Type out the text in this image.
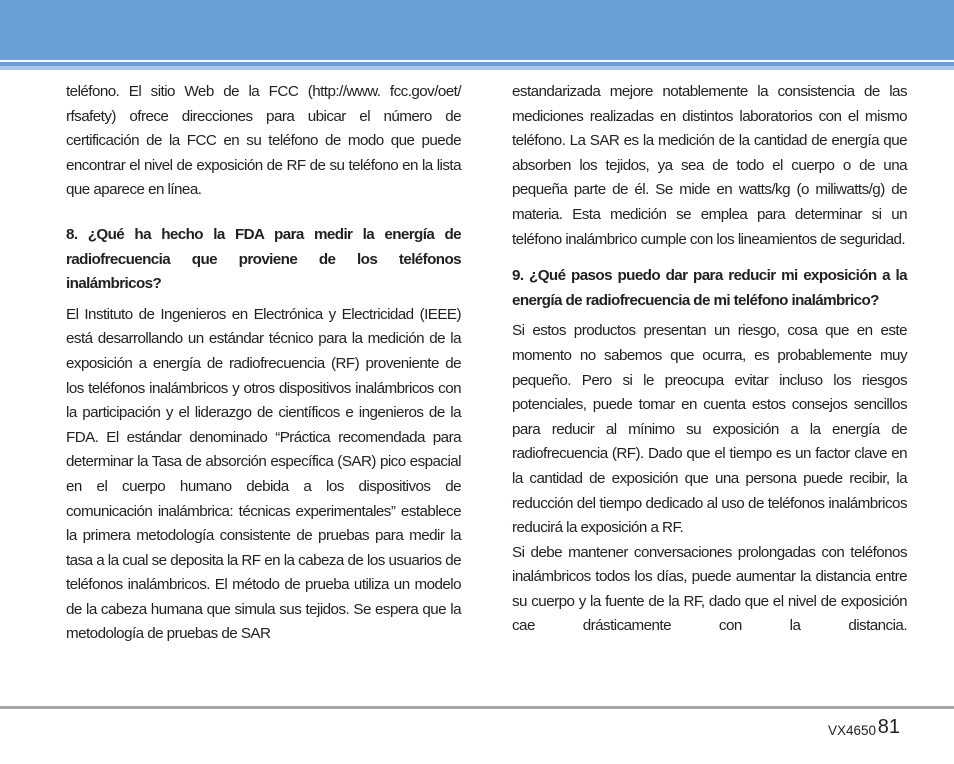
teléfono. El sitio Web de la FCC (http://www. fcc.gov/oet/ rfsafety) ofrece direcciones para ubicar el número de certificación de la FCC en su teléfono de modo que puede encontrar el nivel de exposición de RF de su teléfono en la lista que aparece en línea.

8. ¿Qué ha hecho la FDA para medir la energía de radiofrecuencia que proviene de los teléfonos inalámbricos?

El Instituto de Ingenieros en Electrónica y Electricidad (IEEE) está desarrollando un estándar técnico para la medición de la exposición a energía de radiofrecuencia (RF) proveniente de los teléfonos inalámbricos y otros dispositivos inalámbricos con la participación y el liderazgo de científicos e ingenieros de la FDA. El estándar denominado “Práctica recomendada para determinar la Tasa de absorción específica (SAR) pico espacial en el cuerpo humano debida a los dispositivos de comunicación inalámbrica: técnicas experimentales” establece la primera metodología consistente de pruebas para medir la tasa a la cual se deposita la RF en la cabeza de los usuarios de teléfonos inalámbricos. El método de prueba utiliza un modelo de la cabeza humana que simula sus tejidos. Se espera que la metodología de pruebas de SAR

estandarizada mejore notablemente la consistencia de las mediciones realizadas en distintos laboratorios con el mismo teléfono. La SAR es la medición de la cantidad de energía que absorben los tejidos, ya sea de todo el cuerpo o de una pequeña parte de él. Se mide en watts/kg (o miliwatts/g) de materia. Esta medición se emplea para determinar si un teléfono inalámbrico cumple con los lineamientos de seguridad.

9. ¿Qué pasos puedo dar para reducir mi exposición a la energía de radiofrecuencia de mi teléfono inalámbrico?

Si estos productos presentan un riesgo, cosa que en este momento no sabemos que ocurra, es probablemente muy pequeño. Pero si le preocupa evitar incluso los riesgos potenciales, puede tomar en cuenta estos consejos sencillos para reducir al mínimo su exposición a la energía de radiofrecuencia (RF). Dado que el tiempo es un factor clave en la cantidad de exposición que una persona puede recibir, la reducción del tiempo dedicado al uso de teléfonos inalámbricos reducirá la exposición a RF.

Si debe mantener conversaciones prolongadas con teléfonos inalámbricos todos los días, puede aumentar la distancia entre su cuerpo y la fuente de la RF, dado que el nivel de exposición cae drásticamente con la distancia.

VX4650 81
